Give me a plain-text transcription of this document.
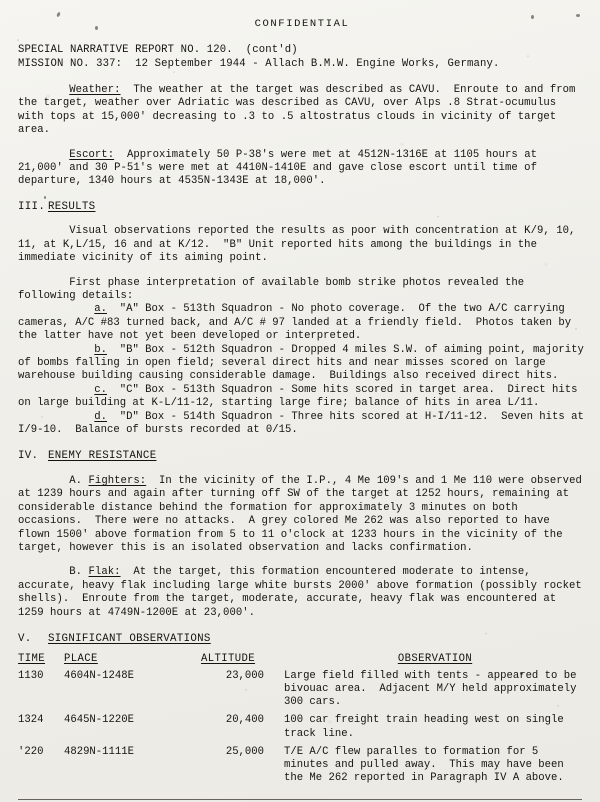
CONFIDENTIAL
SPECIAL NARRATIVE REPORT NO. 120.  (cont'd)
MISSION NO. 337:  12 September 1944 - Allach B.M.W. Engine Works, Germany.
Weather:  The weather at the target was described as CAVU.  Enroute to and from the target, weather over Adriatic was described as CAVU, over Alps .8 Strat-ocumulus with tops at 15,000' decreasing to .3 to .5 altostratus clouds in vicinity of target area.
Escort:  Approximately 50 P-38's were met at 4512N-1316E at 1105 hours at 21,000' and 30 P-51's were met at 4410N-1410E and gave close escort until time of departure, 1340 hours at 4535N-1343E at 18,000'.
III. RESULTS
Visual observations reported the results as poor with concentration at K/9, 10, 11, at K,L/15, 16 and at K/12.  "B" Unit reported hits among the buildings in the immediate vicinity of its aiming point.
First phase interpretation of available bomb strike photos revealed the following details:
a.  "A" Box - 513th Squadron - No photo coverage.  Of the two A/C carrying cameras, A/C #83 turned back, and A/C # 97 landed at a friendly field.  Photos taken by the latter have not yet been developed or interpreted.
b.  "B" Box - 512th Squadron - Dropped 4 miles S.W. of aiming point, majority of bombs falling in open field; several direct hits and near misses scored on large warehouse building causing considerable damage.  Buildings also received direct hits.
c.  "C" Box - 513th Squadron - Some hits scored in target area.  Direct hits on large building at K-L/11-12, starting large fire; balance of hits in area L/11.
d.  "D" Box - 514th Squadron - Three hits scored at H-I/11-12.  Seven hits at I/9-10.  Balance of bursts recorded at 0/15.
IV. ENEMY RESISTANCE
A. Fighters:  In the vicinity of the I.P., 4 Me 109's and 1 Me 110 were observed at 1239 hours and again after turning off SW of the target at 1252 hours, remaining at considerable distance behind the formation for approximately 3 minutes on both occasions.  There were no attacks.  A grey colored Me 262 was also reported to have flown 1500' above formation from 5 to 11 o'clock at 1233 hours in the vicinity of the target, however this is an isolated observation and lacks confirmation.
B. Flak:  At the target, this formation encountered moderate to intense, accurate, heavy flak including large white bursts 2000' above formation (possibly rocket shells).  Enroute from the target, moderate, accurate, heavy flak was encountered at 1259 hours at 4749N-1200E at 23,000'.
V. SIGNIFICANT OBSERVATIONS
TIME	PLACE	ALTITUDE	OBSERVATION
1130	4604N-1248E	23,000	Large field filled with tents - appeared to be bivouac area.  Adjacent M/Y held approximately 300 cars.
1324	4645N-1220E	20,400	100 car freight train heading west on single track line.
'220	4829N-1111E	25,000	T/E A/C flew paralles to formation for 5 minutes and pulled away.  This may have been the Me 262 reported in Paragraph IV A above.
